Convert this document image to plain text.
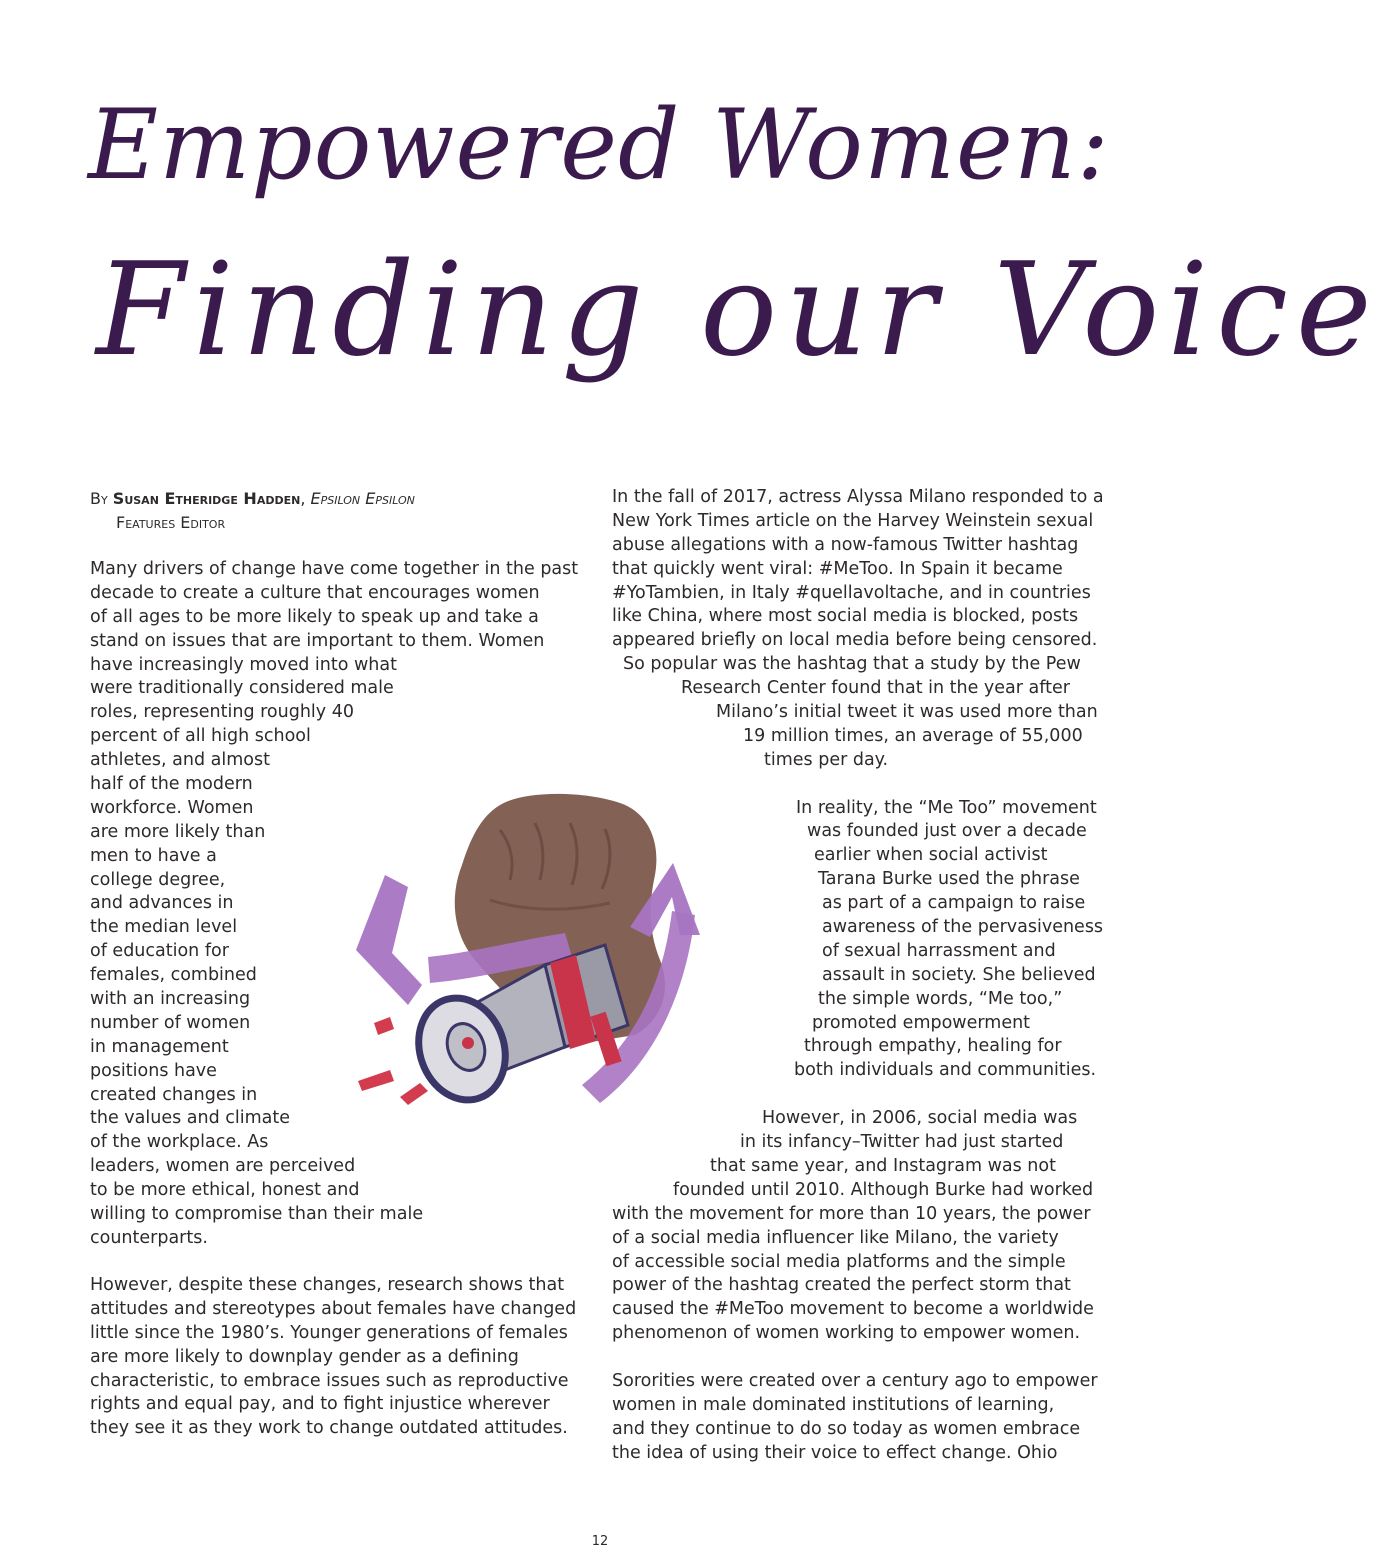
Empowered Women:
Finding our Voice
By Susan Etheridge Hadden, Epsilon Epsilon
Features Editor
Many drivers of change have come together in the past
decade to create a culture that encourages women
of all ages to be more likely to speak up and take a
stand on issues that are important to them. Women
have increasingly moved into what
were traditionally considered male
roles, representing roughly 40
percent of all high school
athletes, and almost
half of the modern
workforce. Women
are more likely than
men to have a
college degree,
and advances in
the median level
of education for
females, combined
with an increasing
number of women
in management
positions have
created changes in
the values and climate
of the workplace. As
leaders, women are perceived
to be more ethical, honest and
willing to compromise than their male
counterparts.
However, despite these changes, research shows that
attitudes and stereotypes about females have changed
little since the 1980’s. Younger generations of females
are more likely to downplay gender as a defining
characteristic, to embrace issues such as reproductive
rights and equal pay, and to fight injustice wherever
they see it as they work to change outdated attitudes.
In the fall of 2017, actress Alyssa Milano responded to a
New York Times article on the Harvey Weinstein sexual
abuse allegations with a now-famous Twitter hashtag
that quickly went viral: #MeToo. In Spain it became
#YoTambien, in Italy #quellavoltache, and in countries
like China, where most social media is blocked, posts
appeared briefly on local media before being censored.
So popular was the hashtag that a study by the Pew
Research Center found that in the year after
Milano’s initial tweet it was used more than
19 million times, an average of 55,000
times per day.
In reality, the “Me Too” movement
was founded just over a decade
earlier when social activist
Tarana Burke used the phrase
as part of a campaign to raise
awareness of the pervasiveness
of sexual harrassment and
assault in society. She believed
the simple words, “Me too,”
promoted empowerment
through empathy, healing for
both individuals and communities.
However, in 2006, social media was
in its infancy–Twitter had just started
that same year, and Instagram was not
founded until 2010. Although Burke had worked
with the movement for more than 10 years, the power
of a social media influencer like Milano, the variety
of accessible social media platforms and the simple
power of the hashtag created the perfect storm that
caused the #MeToo movement to become a worldwide
phenomenon of women working to empower women.
Sororities were created over a century ago to empower
women in male dominated institutions of learning,
and they continue to do so today as women embrace
the idea of using their voice to effect change. Ohio
12
